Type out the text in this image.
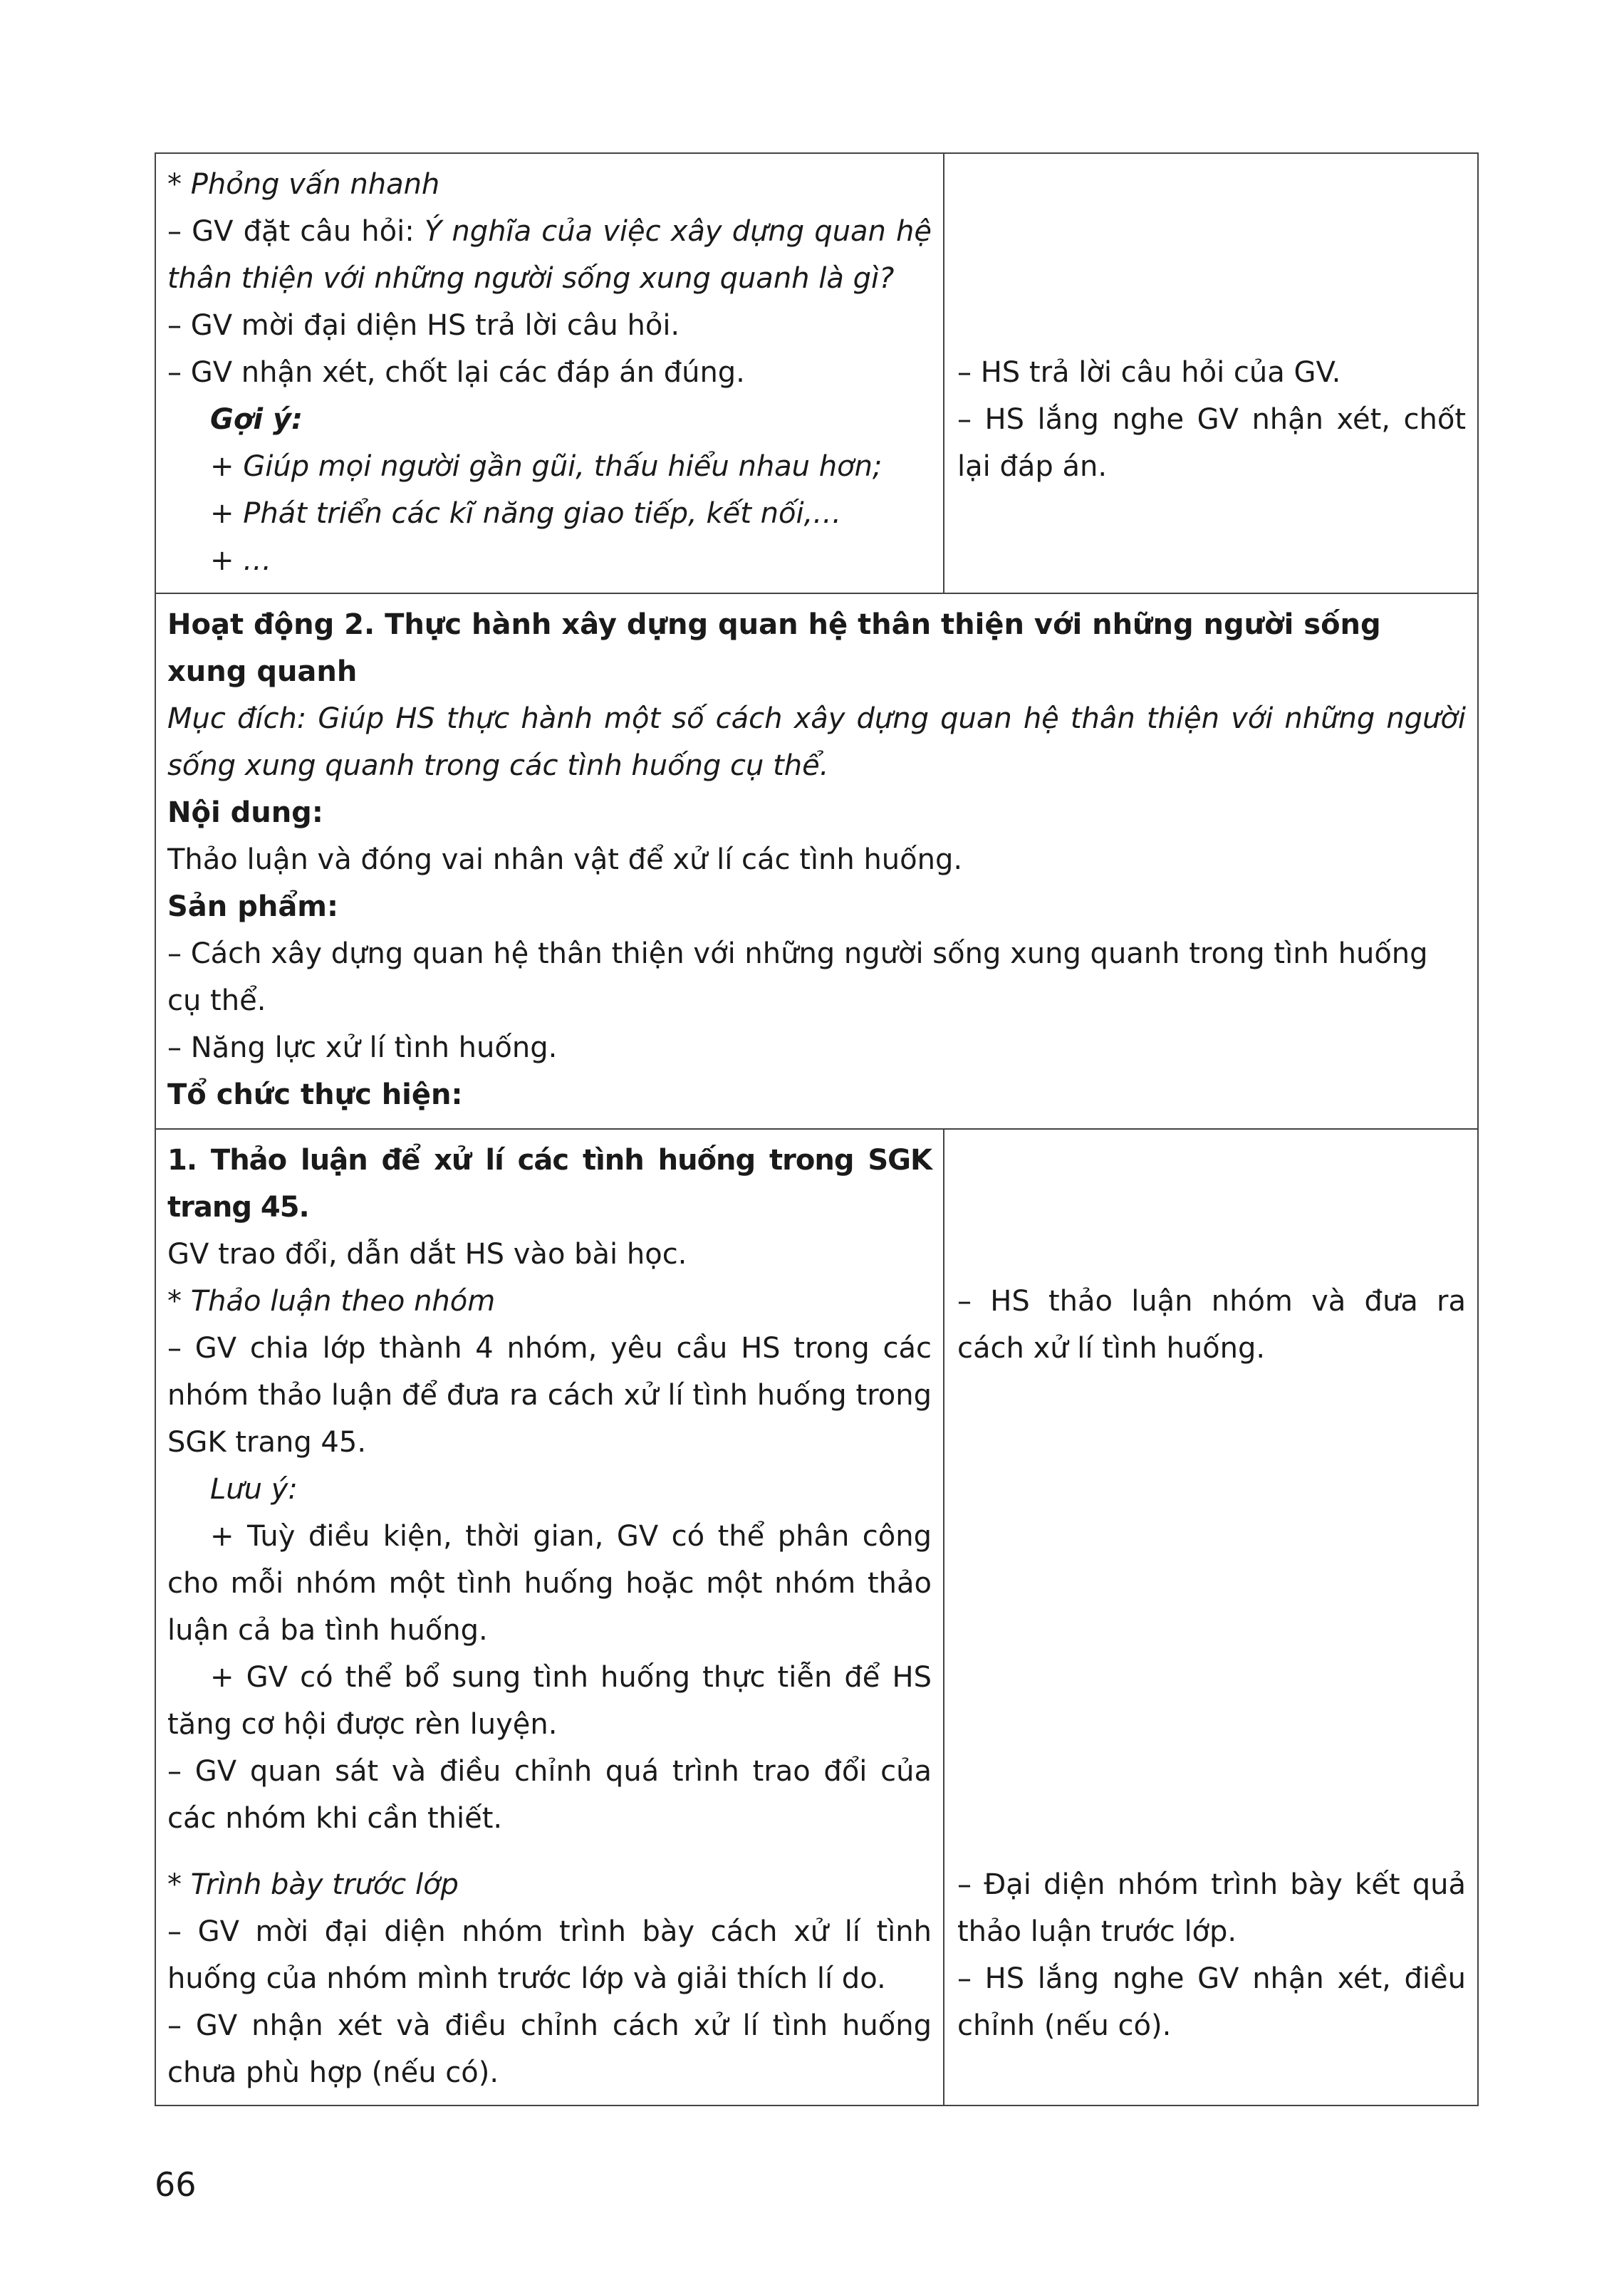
* Phỏng vấn nhanh

– GV đặt câu hỏi: Ý nghĩa của việc xây dựng quan hệ thân thiện với những người sống xung quanh là gì?

– GV mời đại diện HS trả lời câu hỏi.

– GV nhận xét, chốt lại các đáp án đúng.

Gợi ý:

+ Giúp mọi người gần gũi, thấu hiểu nhau hơn;

+ Phát triển các kĩ năng giao tiếp, kết nối,…

+ …

– HS trả lời câu hỏi của GV.

– HS lắng nghe GV nhận xét, chốt lại đáp án.

Hoạt động 2. Thực hành xây dựng quan hệ thân thiện với những người sống xung quanh

Mục đích: Giúp HS thực hành một số cách xây dựng quan hệ thân thiện với những người sống xung quanh trong các tình huống cụ thể.

Nội dung:

Thảo luận và đóng vai nhân vật để xử lí các tình huống.

Sản phẩm:

– Cách xây dựng quan hệ thân thiện với những người sống xung quanh trong tình huống cụ thể.

– Năng lực xử lí tình huống.

Tổ chức thực hiện:

1. Thảo luận để xử lí các tình huống trong SGK trang 45.

GV trao đổi, dẫn dắt HS vào bài học.

* Thảo luận theo nhóm

– GV chia lớp thành 4 nhóm, yêu cầu HS trong các nhóm thảo luận để đưa ra cách xử lí tình huống trong SGK trang 45.

Lưu ý:

+ Tuỳ điều kiện, thời gian, GV có thể phân công cho mỗi nhóm một tình huống hoặc một nhóm thảo luận cả ba tình huống.

+ GV có thể bổ sung tình huống thực tiễn để HS tăng cơ hội được rèn luyện.

– GV quan sát và điều chỉnh quá trình trao đổi của các nhóm khi cần thiết.

* Trình bày trước lớp

– GV mời đại diện nhóm trình bày cách xử lí tình huống của nhóm mình trước lớp và giải thích lí do.

– GV nhận xét và điều chỉnh cách xử lí tình huống chưa phù hợp (nếu có).

– HS thảo luận nhóm và đưa ra cách xử lí tình huống.

– Đại diện nhóm trình bày kết quả thảo luận trước lớp.

– HS lắng nghe GV nhận xét, điều chỉnh (nếu có).

66
